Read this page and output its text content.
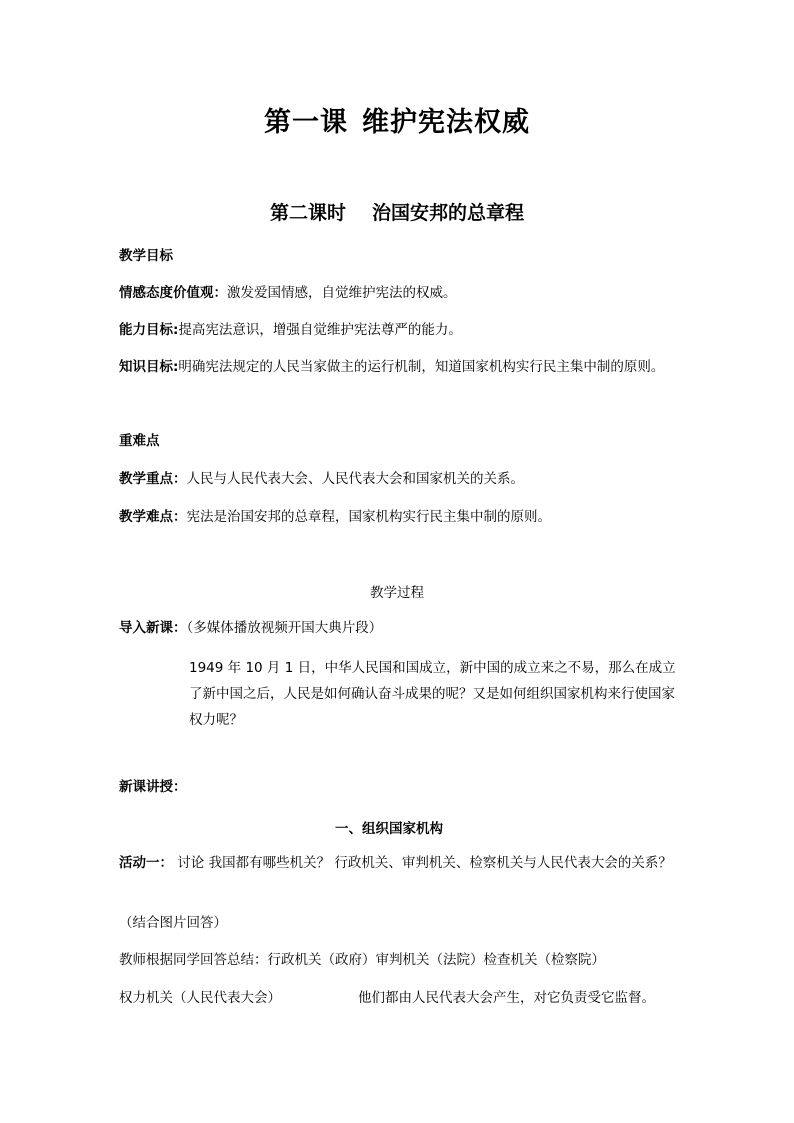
第一课 维护宪法权威
第二课时 治国安邦的总章程
教学目标
情感态度价值观：激发爱国情感，自觉维护宪法的权威。
能力目标:提高宪法意识，增强自觉维护宪法尊严的能力。
知识目标:明确宪法规定的人民当家做主的运行机制，知道国家机构实行民主集中制的原则。
重难点
教学重点：人民与人民代表大会、人民代表大会和国家机关的关系。
教学难点：宪法是治国安邦的总章程，国家机构实行民主集中制的原则。
教学过程
导入新课：（多媒体播放视频开国大典片段）
1949 年 10 月 1 日，中华人民国和国成立，新中国的成立来之不易，那么在成立了新中国之后，人民是如何确认奋斗成果的呢？又是如何组织国家机构来行使国家权力呢？
新课讲授：
一、组织国家机构
活动一： 讨论 我国都有哪些机关？ 行政机关、审判机关、检察机关与人民代表大会的关系？
（结合图片回答）
教师根据同学回答总结：行政机关（政府）审判机关（法院）检查机关（检察院）
权力机关（人民代表大会）	他们都由人民代表大会产生，对它负责受它监督。
